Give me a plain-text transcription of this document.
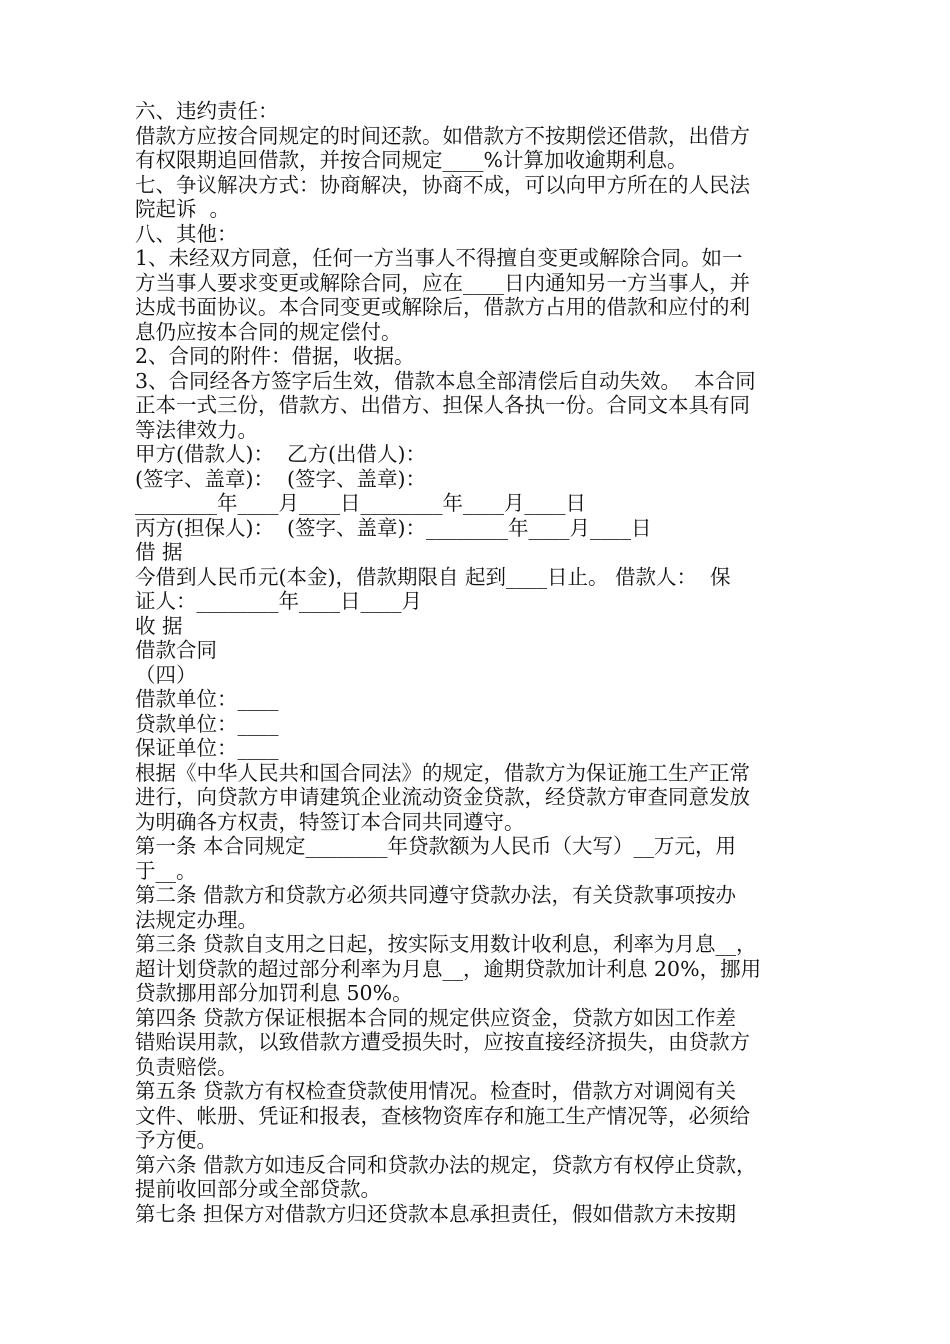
六、违约责任：
借款方应按合同规定的时间还款。如借款方不按期偿还借款，出借方
有权限期追回借款，并按合同规定____%计算加收逾期利息。
七、争议解决方式：协商解决，协商不成，可以向甲方所在的人民法
院起诉  。
八、其他：
1、未经双方同意，任何一方当事人不得擅自变更或解除合同。如一
方当事人要求变更或解除合同，应在____日内通知另一方当事人，并
达成书面协议。本合同变更或解除后，借款方占用的借款和应付的利
息仍应按本合同的规定偿付。
2、合同的附件：借据，收据。
3、合同经各方签字后生效，借款本息全部清偿后自动失效。  本合同
正本一式三份，借款方、出借方、担保人各执一份。合同文本具有同
等法律效力。
甲方(借款人)：  乙方(出借人)：
(签字、盖章)：  (签字、盖章)：
________年____月____日________年____月____日
丙方(担保人)：  (签字、盖章)：________年____月____日
借 据
今借到人民币元(本金)，借款期限自 起到____日止。 借款人：  保
证人：________年____日____月
收 据
借款合同
（四）
借款单位：____
贷款单位：____
保证单位：____
根据《中华人民共和国合同法》的规定，借款方为保证施工生产正常
进行，向贷款方申请建筑企业流动资金贷款，经贷款方审查同意发放
为明确各方权责，特签订本合同共同遵守。
第一条 本合同规定________年贷款额为人民币（大写）__万元，用
于__。
第二条 借款方和贷款方必须共同遵守贷款办法，有关贷款事项按办
法规定办理。
第三条 贷款自支用之日起，按实际支用数计收利息，利率为月息__，
超计划贷款的超过部分利率为月息__，逾期贷款加计利息 20%，挪用
贷款挪用部分加罚利息 50%。
第四条 贷款方保证根据本合同的规定供应资金，贷款方如因工作差
错贻误用款，以致借款方遭受损失时，应按直接经济损失，由贷款方
负责赔偿。
第五条 贷款方有权检查贷款使用情况。检查时，借款方对调阅有关
文件、帐册、凭证和报表，查核物资库存和施工生产情况等，必须给
予方便。
第六条 借款方如违反合同和贷款办法的规定，贷款方有权停止贷款，
提前收回部分或全部贷款。
第七条 担保方对借款方归还贷款本息承担责任，假如借款方未按期
